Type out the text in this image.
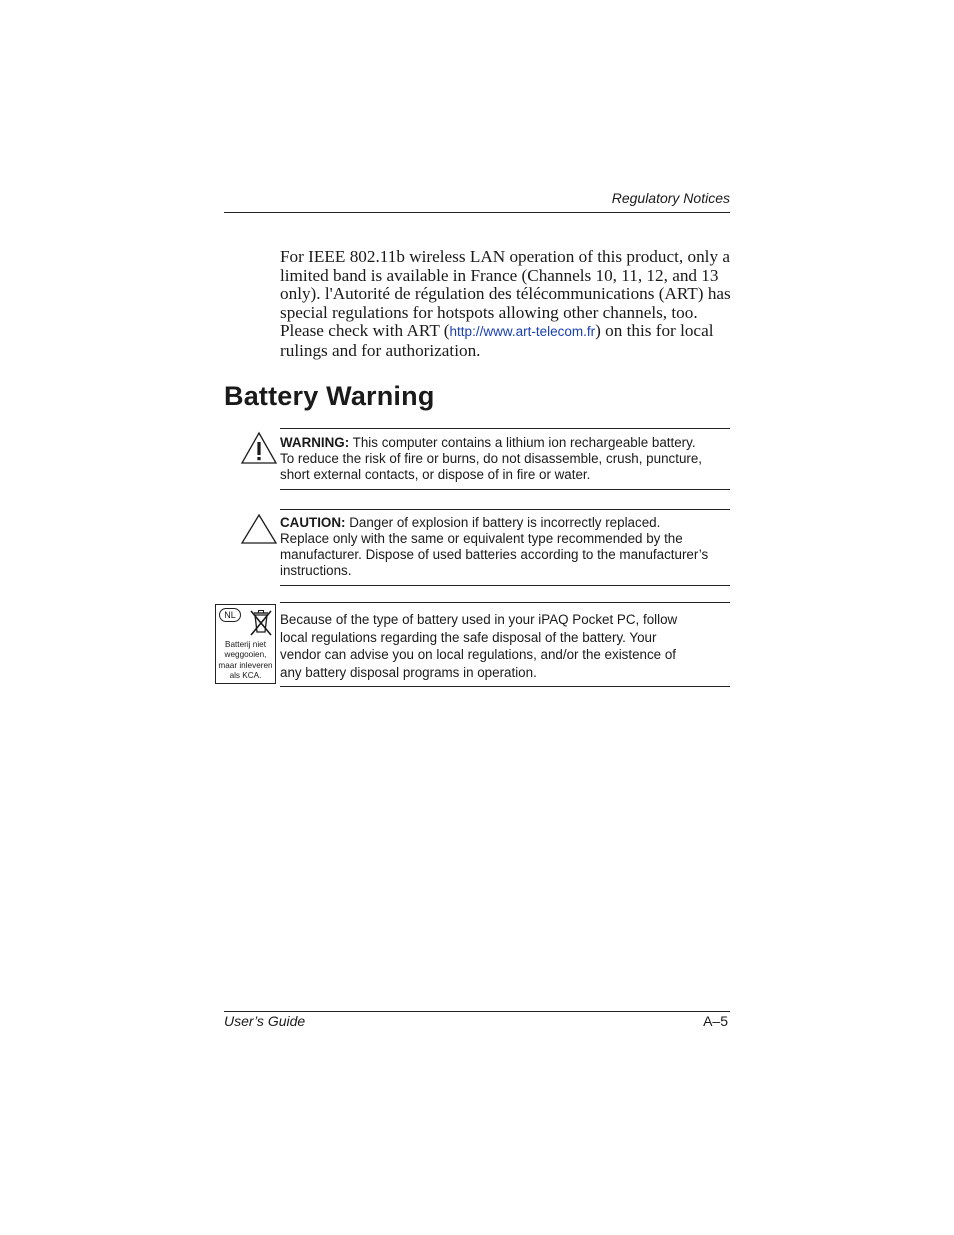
Regulatory Notices
For IEEE 802.11b wireless LAN operation of this product, only a limited band is available in France (Channels 10, 11, 12, and 13 only). l'Autorité de régulation des télécommunications (ART) has special regulations for hotspots allowing other channels, too. Please check with ART (http://www.art-telecom.fr) on this for local rulings and for authorization.
Battery Warning
WARNING: This computer contains a lithium ion rechargeable battery. To reduce the risk of fire or burns, do not disassemble, crush, puncture, short external contacts, or dispose of in fire or water.
CAUTION: Danger of explosion if battery is incorrectly replaced. Replace only with the same or equivalent type recommended by the manufacturer. Dispose of used batteries according to the manufacturer’s instructions.
NL
Batterij niet weggooien, maar inleveren als KCA.
Because of the type of battery used in your iPAQ Pocket PC, follow local regulations regarding the safe disposal of the battery. Your vendor can advise you on local regulations, and/or the existence of any battery disposal programs in operation.
User’s Guide	A–5
